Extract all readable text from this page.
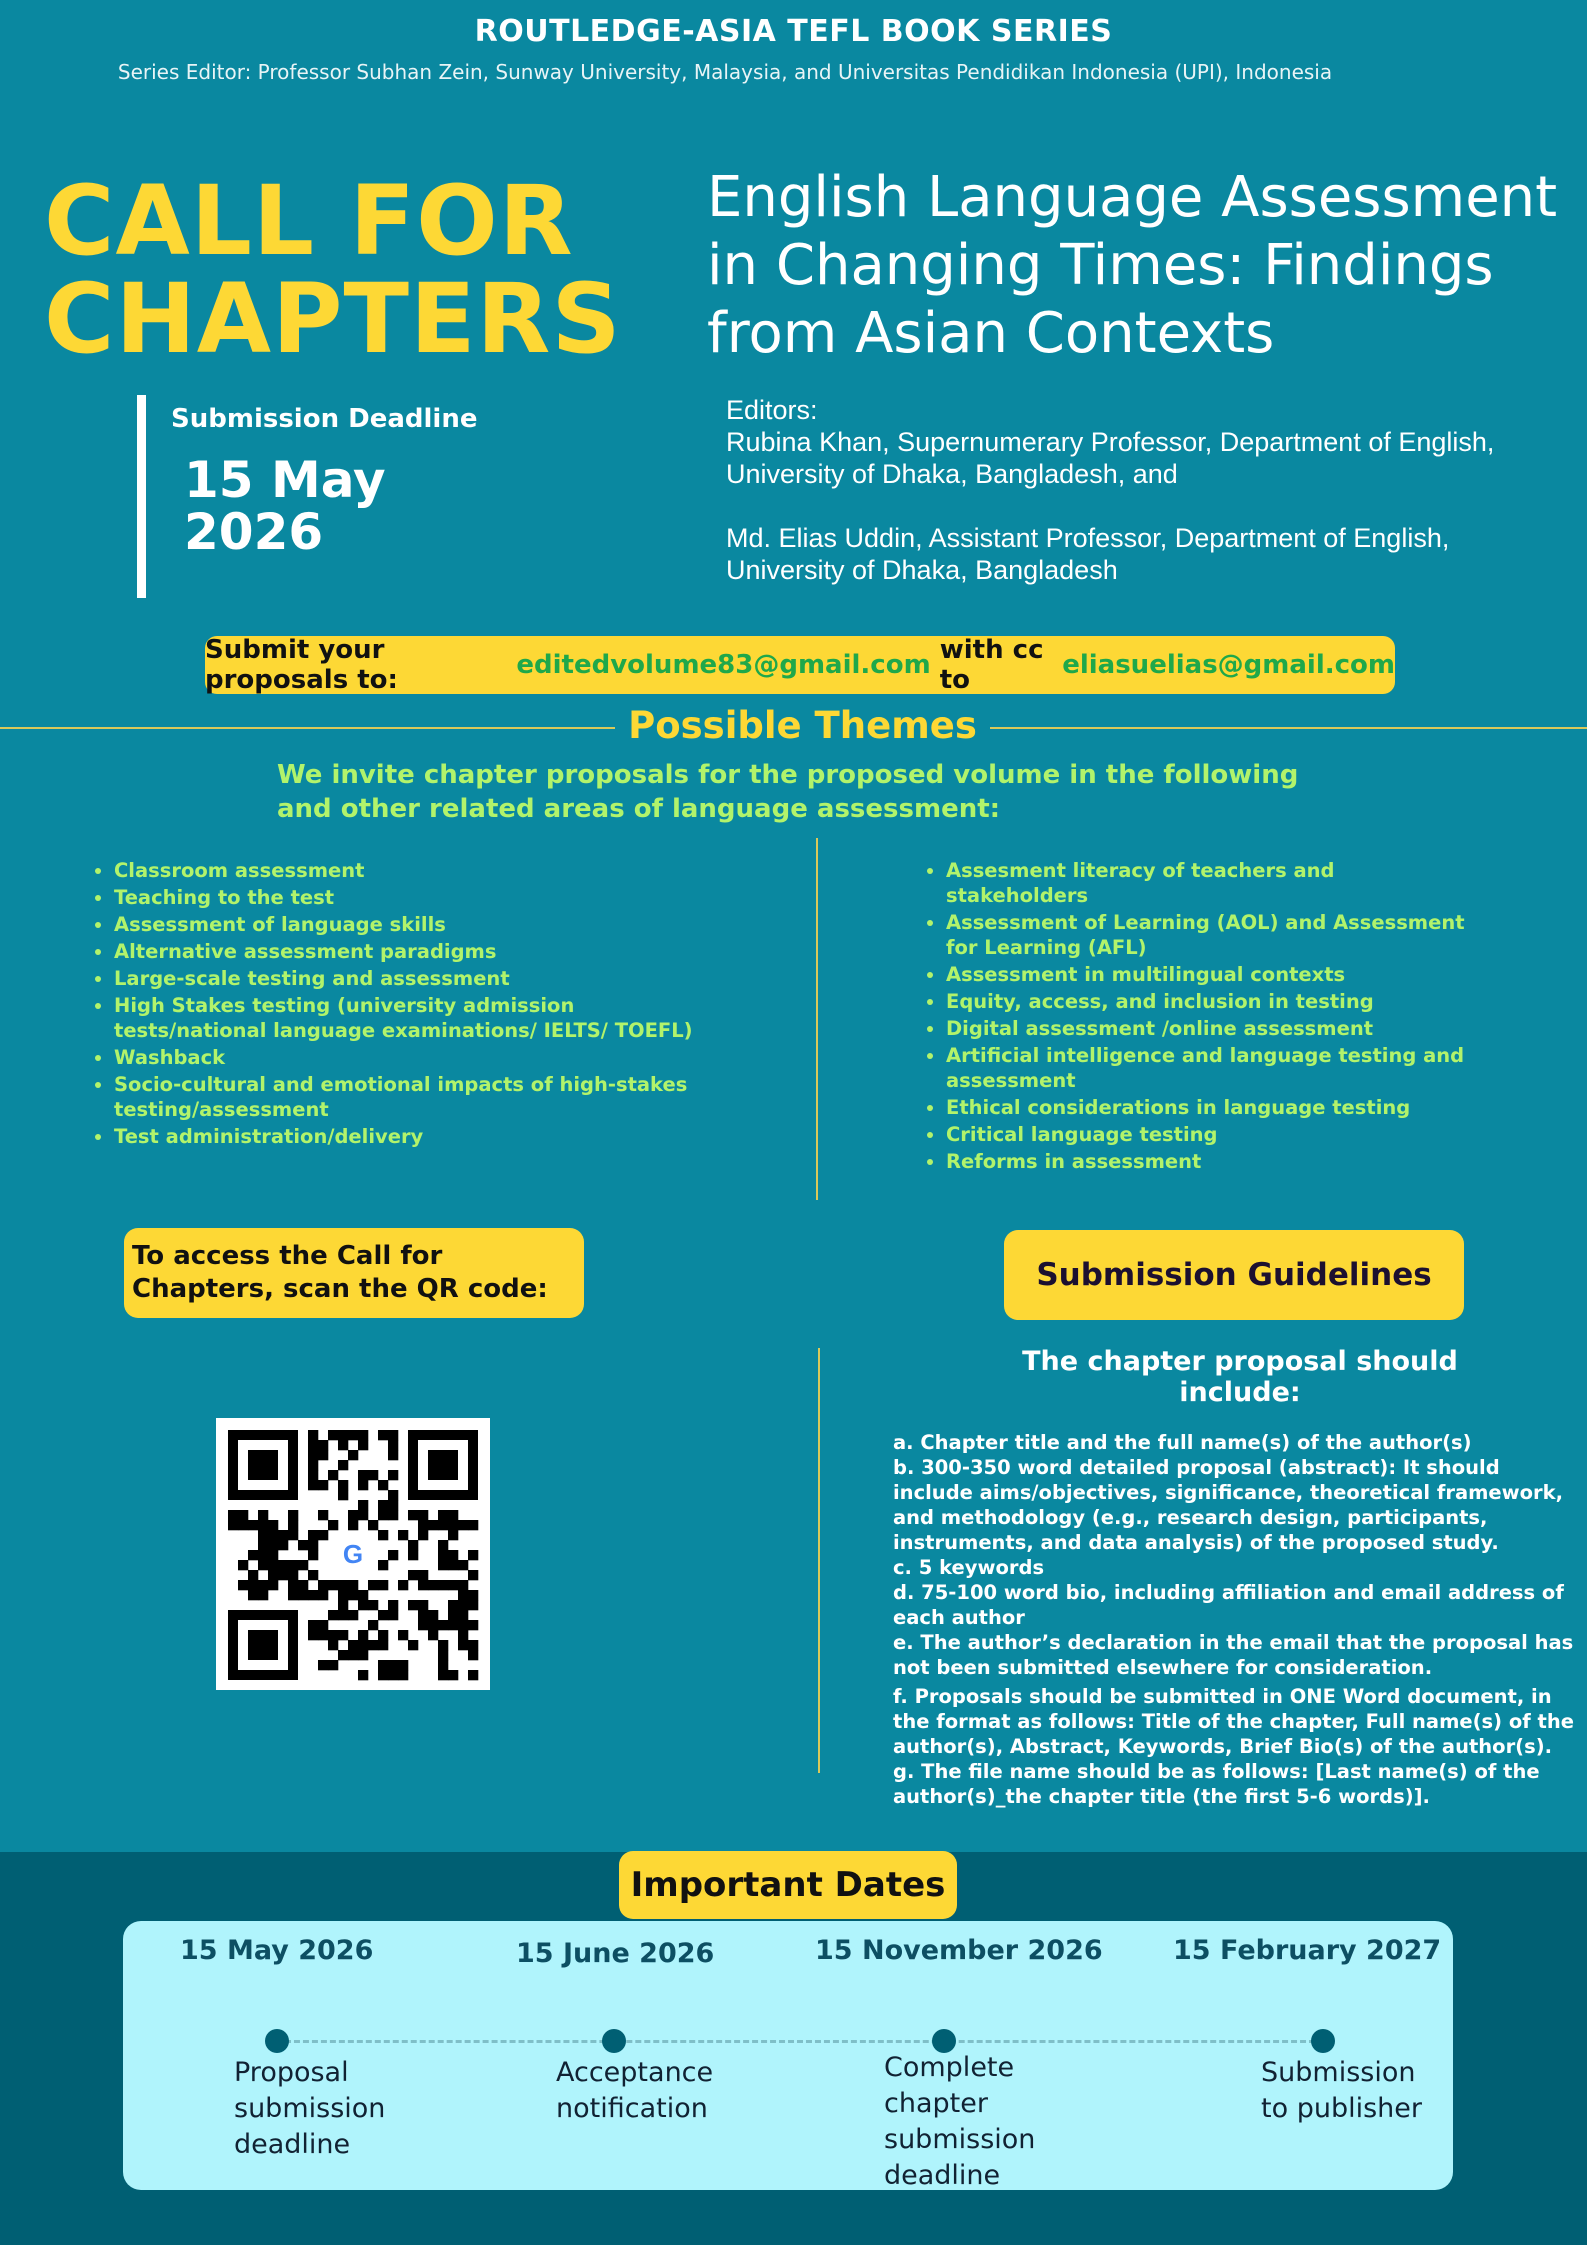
ROUTLEDGE-ASIA TEFL BOOK SERIES
Series Editor: Professor Subhan Zein, Sunway University, Malaysia, and Universitas Pendidikan Indonesia (UPI), Indonesia
CALL FOR
CHAPTERS
Submission Deadline
15 May
2026
English Language Assessment in Changing Times: Findings from Asian Contexts

Editors:

Rubina Khan, Supernumerary Professor, Department of English, University of Dhaka, Bangladesh, and

Md. Elias Uddin, Assistant Professor, Department of English, University of Dhaka, Bangladesh

Submit your proposals to:
	editedvolume83@gmail.com
with cc to
	eliasuelias@gmail.com
Possible Themes
We invite chapter proposals for the proposed volume in the following and other related areas of language assessment:
• Classroom assessment
• Teaching to the test
• Assessment of language skills
• Alternative assessment paradigms
• Large-scale testing and assessment
• High Stakes testing (university admission tests/national language examinations/ IELTS/ TOEFL)
• Washback
• Socio-cultural and emotional impacts of high-stakes testing/assessment
• Test administration/delivery
• Assesment literacy of teachers and stakeholders
• Assessment of Learning (AOL) and Assessment for Learning (AFL)
• Assessment in multilingual contexts
• Equity, access, and inclusion in testing
• Digital assessment /online assessment
• Artificial intelligence and language testing and assessment
• Ethical considerations in language testing
• Critical language testing
• Reforms in assessment
To access the Call for Chapters, scan the QR code:
G
Submission Guidelines
The chapter proposal should include:
a. Chapter title and the full name(s) of the author(s)
b. 300-350 word detailed proposal (abstract): It should include aims/objectives, significance, theoretical framework, and methodology (e.g., research design, participants, instruments, and data analysis) of the proposed study.
c. 5 keywords
d. 75-100 word bio, including affiliation and email address of each author
e. The author’s declaration in the email that the proposal has not been submitted elsewhere for consideration.
f. Proposals should be submitted in ONE Word document, in the format as follows: Title of the chapter, Full name(s) of the author(s), Abstract, Keywords, Brief Bio(s) of the author(s).
g. The file name should be as follows: [Last name(s) of the author(s)_the chapter title (the first 5-6 words)].
Important Dates
15 May 2026
Proposal submission deadline
15 June 2026
Acceptance notification
15 November 2026
Complete chapter submission deadline
15 February 2027
Submission to publisher
